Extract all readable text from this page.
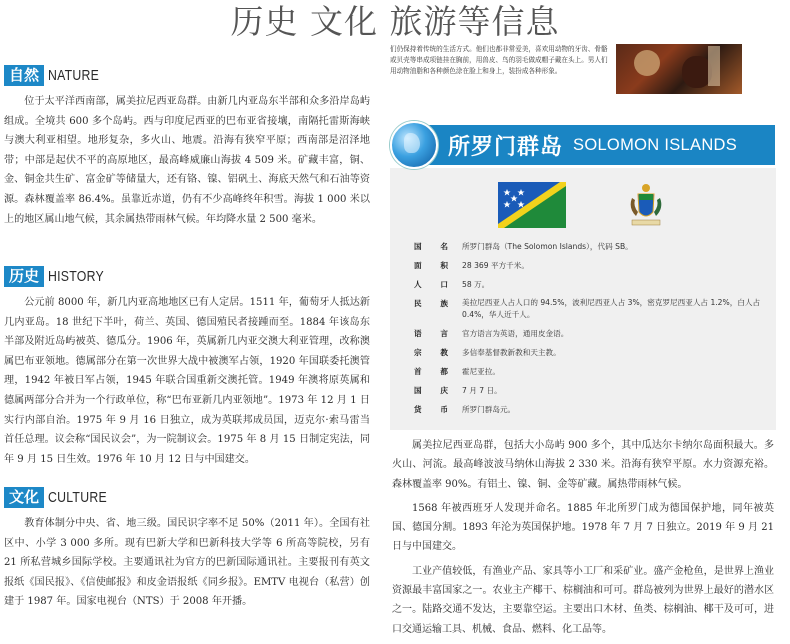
历史 文化 旅游等信息
自然 NATURE

位于太平洋西南部，属美拉尼西亚岛群。由新几内亚岛东半部和众多沿岸岛屿组成。全境共 600 多个岛屿。西与印度尼西亚的巴布亚省接壤，南隔托雷斯海峡与澳大利亚相望。地形复杂，多火山、地震。沿海有狭窄平原；西南部是沼泽地带；中部是起伏不平的高原地区，最高峰威廉山海拔 4 509 米。矿藏丰富，铜、金、铜金共生矿、富金矿等储量大，还有铬、镍、铝矾土、海底天然气和石油等资源。森林覆盖率 86.4%。虽靠近赤道，仍有不少高峰终年积雪。海拔 1 000 米以上的地区属山地气候，其余属热带雨林气候。年均降水量 2 500 毫米。

历史 HISTORY

公元前 8000 年，新几内亚高地地区已有人定居。1511 年，葡萄牙人抵达新几内亚岛。18 世纪下半叶，荷兰、英国、德国殖民者接踵而至。1884 年该岛东半部及附近岛屿被英、德瓜分。1906 年，英属新几内亚交澳大利亚管理，改称澳属巴布亚领地。德属部分在第一次世界大战中被澳军占领，1920 年国联委托澳管理，1942 年被日军占领，1945 年联合国重新交澳托管。1949 年澳将原英属和德属两部分合并为一个行政单位，称“巴布亚新几内亚领地”。1973 年 12 月 1 日实行内部自治。1975 年 9 月 16 日独立，成为英联邦成员国，迈克尔·索马雷当首任总理。议会称“国民议会”，为一院制议会。1975 年 8 月 15 日制定宪法，同年 9 月 15 日生效。1976 年 10 月 12 日与中国建交。

文化 CULTURE

教育体制分中央、省、地三级。国民识字率不足 50%（2011 年）。全国有社区中、小学 3 000 多所。现有巴新大学和巴新科技大学等 6 所高等院校，另有 21 所私营城乡国际学校。主要通讯社为官方的巴新国际通讯社。主要报刊有英文报纸《国民报》、《信使邮报》和皮金语报纸《同乡报》。EMTV 电视台（私营）创建于 1987 年。国家电视台（NTS）于 2008 年开播。

们仍保持着传统的生活方式。他们也都非常爱美，喜欢用动物的牙齿、骨骼或贝壳等串成项链挂在胸前，用兽皮、鸟的羽毛做成帽子戴在头上。男人们用动物油脂和各种颜色涂在脸上和身上，装扮成各种形象。
所罗门群岛 SOLOMON ISLANDS
国 名	所罗门群岛（The Solomon Islands），代码 SB。
面 积	28 369 平方千米。
人 口	58 万。
民 族	美拉尼西亚人占人口的 94.5%，波利尼西亚人占 3%，密克罗尼西亚人占 1.2%，白人占 0.4%，华人近千人。
语 言	官方语言为英语，通用皮金语。
宗 教	多信奉基督教新教和天主教。
首 都	霍尼亚拉。
国 庆	7 月 7 日。
货 币	所罗门群岛元。

属美拉尼西亚岛群，包括大小岛屿 900 多个，其中瓜达尔卡纳尔岛面积最大。多火山、河流。最高峰波波马纳休山海拔 2 330 米。沿海有狭窄平原。水力资源充裕。森林覆盖率 90%。有铝土、镍、铜、金等矿藏。属热带雨林气候。

1568 年被西班牙人发现并命名。1885 年北所罗门成为德国保护地，同年被英国、德国分割。1893 年沦为英国保护地。1978 年 7 月 7 日独立。2019 年 9 月 21 日与中国建交。

工业产值较低，有渔业产品、家具等小工厂和采矿业。盛产金枪鱼，是世界上渔业资源最丰富国家之一。农业主产椰干、棕榈油和可可。群岛被列为世界上最好的潜水区之一。陆路交通不发达，主要靠空运。主要出口木材、鱼类、棕榈油、椰干及可可，进口交通运输工具、机械、食品、燃料、化工品等。
